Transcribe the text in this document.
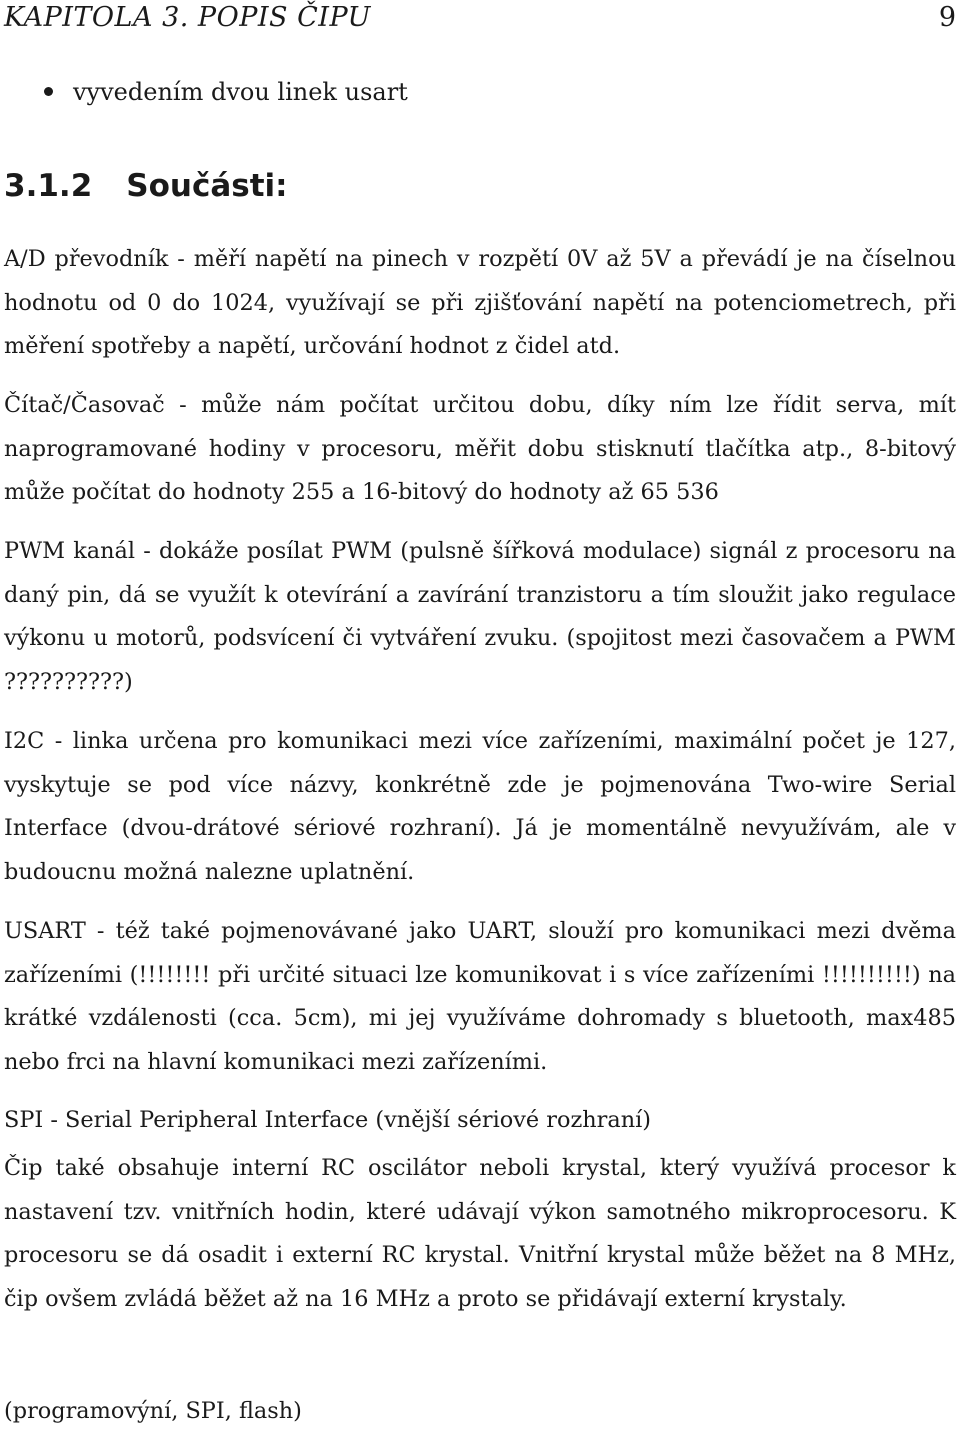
KAPITOLA 3. POPIS ČIPU	9
vyvedením dvou linek usart
3.1.2 Součásti:

A/D převodník - měří napětí na pinech v rozpětí 0V až 5V a převádí je na číselnou hodnotu od 0 do 1024, využívají se při zjišťování napětí na potenciometrech, při měření spotřeby a napětí, určování hodnot z čidel atd.

Čítač/Časovač - může nám počítat určitou dobu, díky ním lze řídit serva, mít naprogramované hodiny v procesoru, měřit dobu stisknutí tlačítka atp., 8-bitový může počítat do hodnoty 255 a 16-bitový do hodnoty až 65 536

PWM kanál - dokáže posílat PWM (pulsně šířková modulace) signál z procesoru na daný pin, dá se využít k otevírání a zavírání tranzistoru a tím sloužit jako regulace výkonu u motorů, podsvícení či vytváření zvuku. (spojitost mezi časovačem a PWM ??????????)

I2C - linka určena pro komunikaci mezi více zařízeními, maximální počet je 127, vyskytuje se pod více názvy, konkrétně zde je pojmenována Two-wire Serial Interface (dvou-drátové sériové rozhraní). Já je momentálně nevyužívám, ale v budoucnu možná nalezne uplatnění.

USART - též také pojmenovávané jako UART, slouží pro komunikaci mezi dvěma zařízeními (!!!!!!!! při určité situaci lze komunikovat i s více zařízeními !!!!!!!!!!) na krátké vzdálenosti (cca. 5cm), mi jej využíváme dohromady s bluetooth, max485 nebo frci na hlavní komunikaci mezi zařízeními.

SPI - Serial Peripheral Interface (vnější sériové rozhraní)

Čip také obsahuje interní RC oscilátor neboli krystal, který využívá procesor k nastavení tzv. vnitřních hodin, které udávají výkon samotného mikroprocesoru. K procesoru se dá osadit i externí RC krystal. Vnitřní krystal může běžet na 8 MHz, čip ovšem zvládá běžet až na 16 MHz a proto se přidávají externí krystaly.

(programovýní, SPI, flash)
